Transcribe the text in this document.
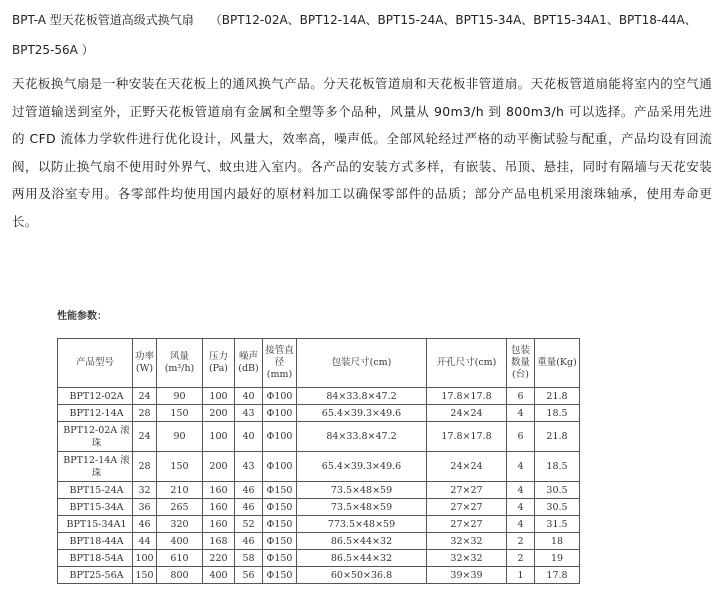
BPT-A 型天花板管道高级式换气扇 （BPT12-02A、BPT12-14A、BPT15-24A、BPT15-34A、BPT15-34A1、BPT18-44A、
BPT25-56A ）
天花板换气扇是一种安装在天花板上的通风换气产品。分天花板管道扇和天花板非管道扇。天花板管道扇能将室内的空气通过管道输送到室外，正野天花板管道扇有金属和全塑等多个品种，风量从 90m3/h 到 800m3/h 可以选择。产品采用先进的 CFD 流体力学软件进行优化设计，风量大，效率高，噪声低。全部风轮经过严格的动平衡试验与配重，产品均设有回流阀，以防止换气扇不使用时外界气、蚊虫进入室内。各产品的安装方式多样，有嵌装、吊顶、悬挂，同时有隔墙与天花安装两用及浴室专用。各零部件均使用国内最好的原材料加工以确保零部件的品质；部分产品电机采用滚珠轴承，使用寿命更长。
性能参数：
产品型号	功率(W)	风量(m³/h)	压力(Pa)	噪声(dB)	接管直径(mm)	包装尺寸(cm)	开孔尺寸(cm)	包装数量(台)	重量(Kg)
BPT12-02A	24	90	100	40	Φ100	84×33.8×47.2	17.8×17.8	6	21.8
BPT12-14A	28	150	200	43	Φ100	65.4×39.3×49.6	24×24	4	18.5
BPT12-02A 滚珠	24	90	100	40	Φ100	84×33.8×47.2	17.8×17.8	6	21.8
BPT12-14A 滚珠	28	150	200	43	Φ100	65.4×39.3×49.6	24×24	4	18.5
BPT15-24A	32	210	160	46	Φ150	73.5×48×59	27×27	4	30.5
BPT15-34A	36	265	160	46	Φ150	73.5×48×59	27×27	4	30.5
BPT15-34A1	46	320	160	52	Φ150	773.5×48×59	27×27	4	31.5
BPT18-44A	44	400	168	46	Φ150	86.5×44×32	32×32	2	18
BPT18-54A	100	610	220	58	Φ150	86.5×44×32	32×32	2	19
BPT25-56A	150	800	400	56	Φ150	60×50×36.8	39×39	1	17.8
